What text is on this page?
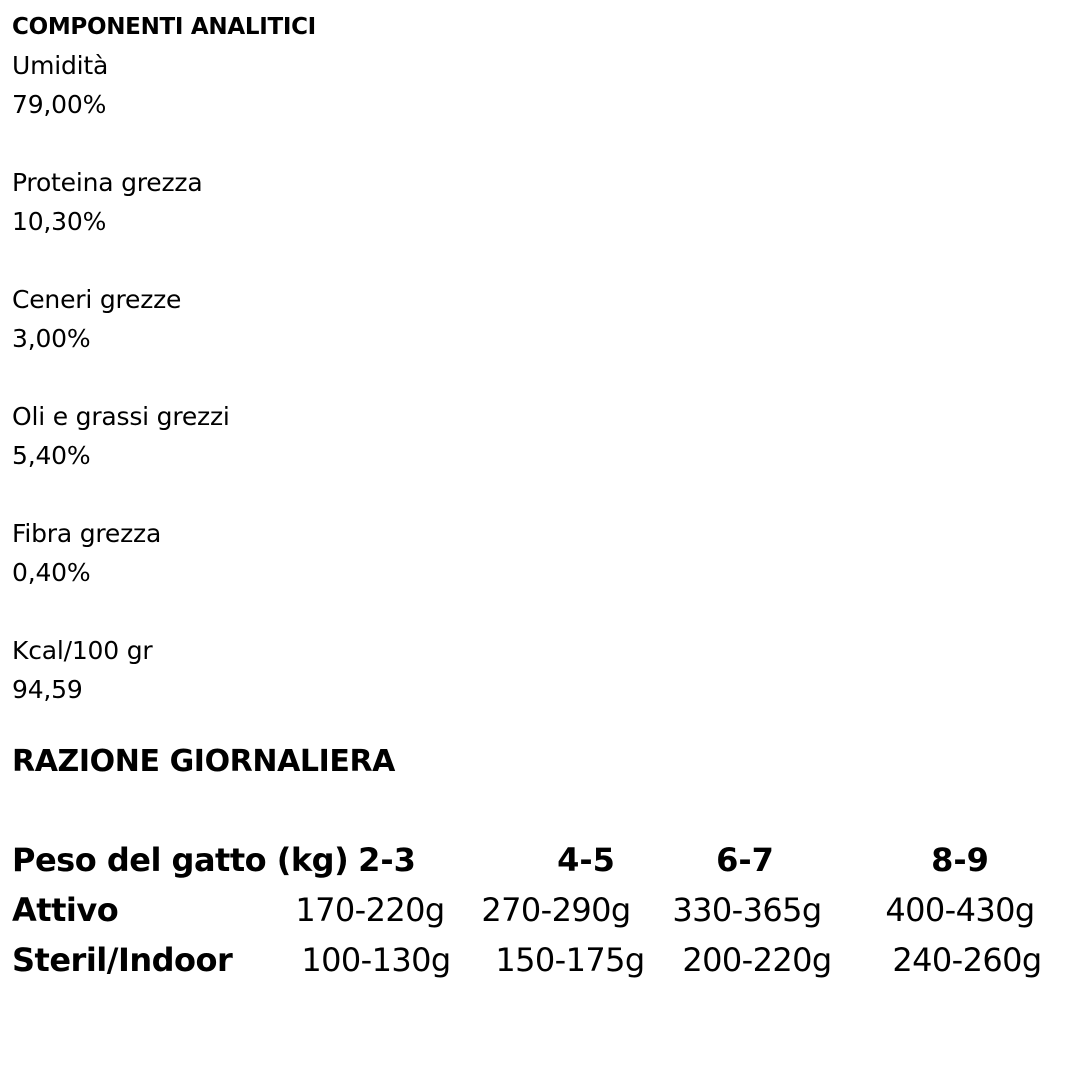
COMPONENTI ANALITICI
Umidità
79,00%
Proteina grezza
10,30%
Ceneri grezze
3,00%
Oli e grassi grezzi
5,40%
Fibra grezza
0,40%
Kcal/100 gr
94,59
RAZIONE GIORNALIERA
Peso del gatto (kg) 2-3	4-5	6-7	8-9
Attivo	170-220g 270-290g 330-365g 400-430g
Steril/Indoor 100-130g 150-175g 200-220g 240-260g
